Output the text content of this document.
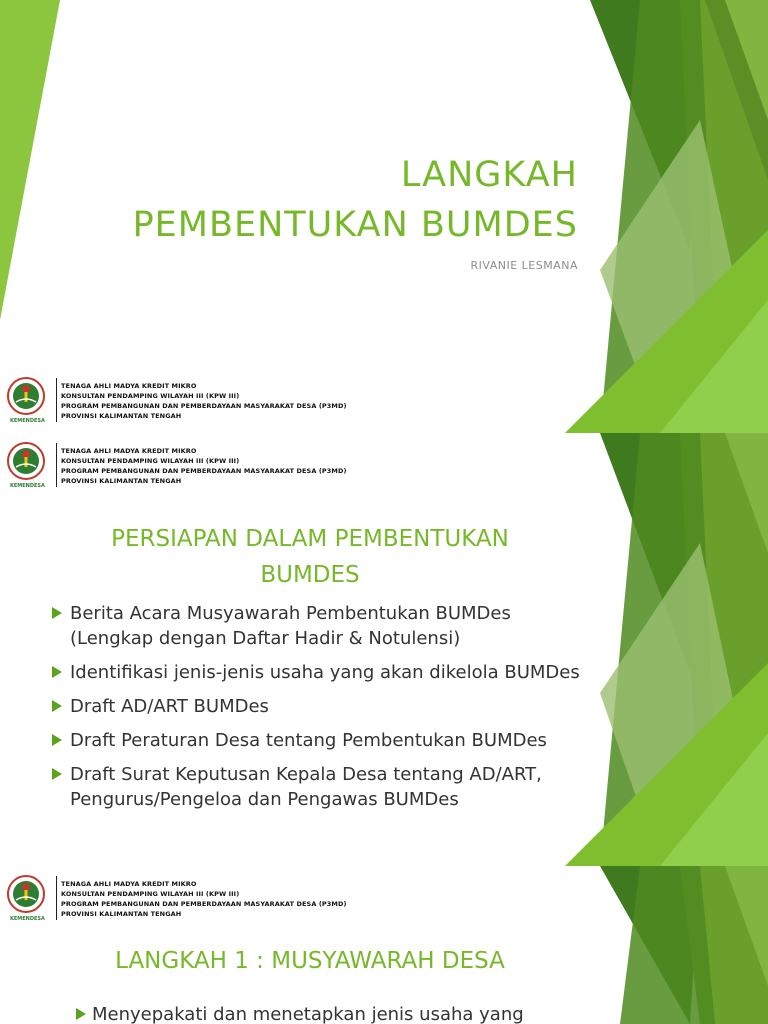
LANGKAH
PEMBENTUKAN BUMDES
RIVANIE LESMANA
KEMENDESA
TENAGA AHLI MADYA KREDIT MIKRO
KONSULTAN PENDAMPING WILAYAH III (KPW III)
PROGRAM PEMBANGUNAN DAN PEMBERDAYAAN MASYARAKAT DESA (P3MD)
PROVINSI KALIMANTAN TENGAH
KEMENDESA
TENAGA AHLI MADYA KREDIT MIKRO
KONSULTAN PENDAMPING WILAYAH III (KPW III)
PROGRAM PEMBANGUNAN DAN PEMBERDAYAAN MASYARAKAT DESA (P3MD)
PROVINSI KALIMANTAN TENGAH
PERSIAPAN DALAM PEMBENTUKAN
BUMDES
Berita Acara Musyawarah Pembentukan BUMDes (Lengkap dengan Daftar Hadir & Notulensi)
Identifikasi jenis-jenis usaha yang akan dikelola BUMDes
Draft AD/ART BUMDes
Draft Peraturan Desa tentang Pembentukan BUMDes
Draft Surat Keputusan Kepala Desa tentang AD/ART, Pengurus/Pengeloa dan Pengawas BUMDes
KEMENDESA
TENAGA AHLI MADYA KREDIT MIKRO
KONSULTAN PENDAMPING WILAYAH III (KPW III)
PROGRAM PEMBANGUNAN DAN PEMBERDAYAAN MASYARAKAT DESA (P3MD)
PROVINSI KALIMANTAN TENGAH
LANGKAH 1 : MUSYAWARAH DESA
Menyepakati dan menetapkan jenis usaha yang
